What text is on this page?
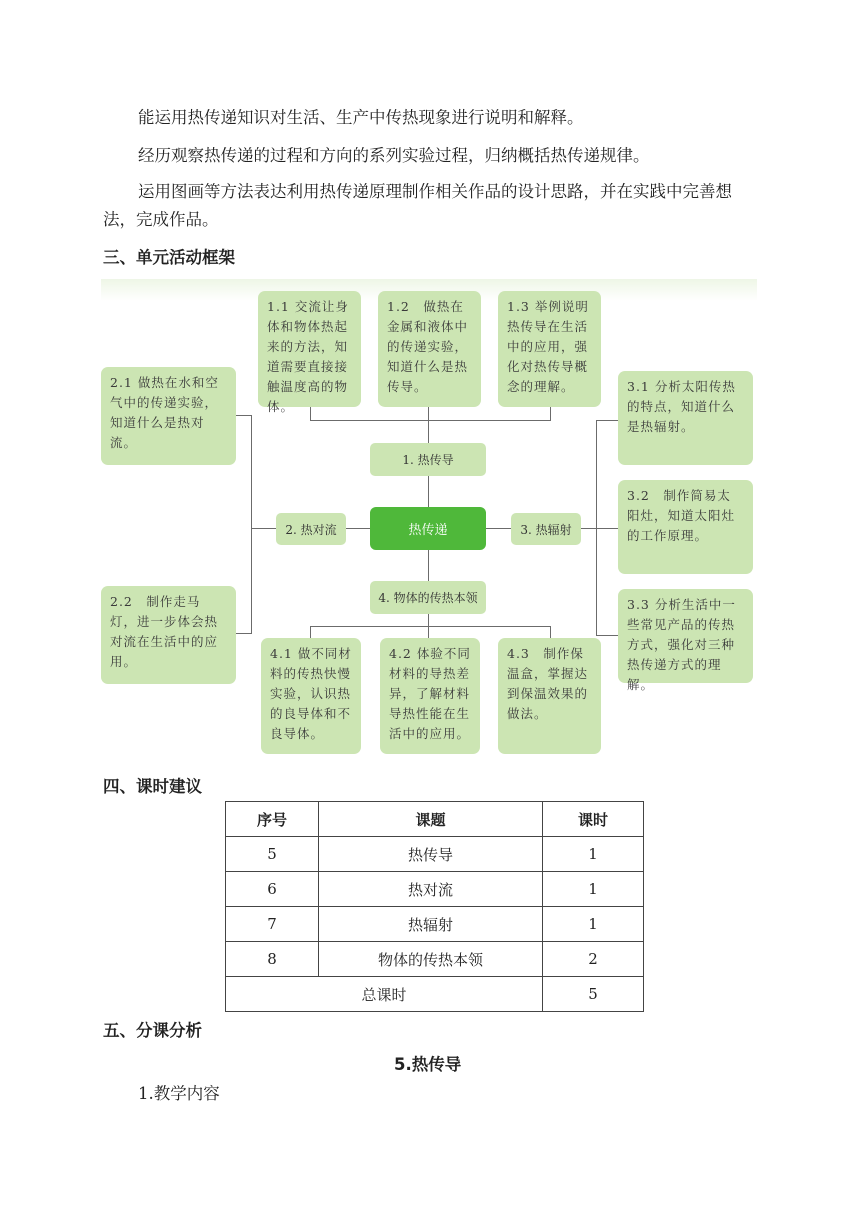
能运用热传递知识对生活、生产中传热现象进行说明和解释。
经历观察热传递的过程和方向的系列实验过程，归纳概括热传递规律。
运用图画等方法表达利用热传递原理制作相关作品的设计思路，并在实践中完善想
法，完成作品。
三、单元活动框架
1.1 交流让身体和物体热起来的方法，知道需要直接接触温度高的物体。
1.2　做热在金属和液体中的传递实验，知道什么是热传导。
1.3 举例说明热传导在生活中的应用，强化对热传导概念的理解。
2.1 做热在水和空气中的传递实验，知道什么是热对流。
2.2　制作走马灯，进一步体会热对流在生活中的应用。
3.1 分析太阳传热的特点，知道什么是热辐射。
3.2　制作简易太阳灶，知道太阳灶的工作原理。
3.3 分析生活中一些常见产品的传热方式，强化对三种热传递方式的理解。
4.1 做不同材料的传热快慢实验，认识热的良导体和不良导体。
4.2 体验不同材料的导热差异，了解材料导热性能在生活中的应用。
4.3　制作保温盒，掌握达到保温效果的做法。
1. 热传导
2. 热对流	3. 热辐射
4. 物体的传热本领
热传递
四、课时建议
序号	课题	课时
5	热传导	1
6	热对流	1
7	热辐射	1
8	物体的传热本领	2
总课时		5
五、分课分析
5.热传导
1.教学内容
